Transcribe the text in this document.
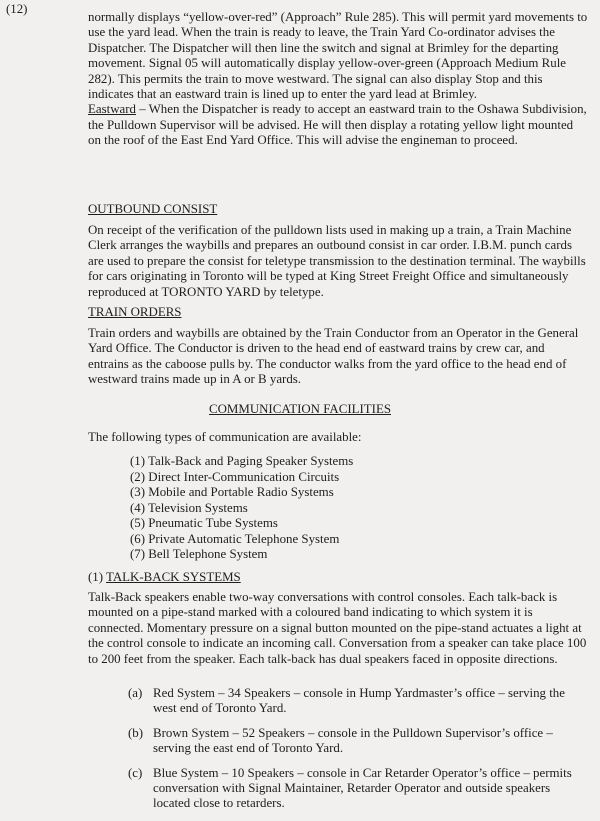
(12)

normally displays “yellow-over-red” (Approach” Rule 285). This will permit yard movements to use the yard lead. When the train is ready to leave, the Train Yard Co-ordinator advises the Dispatcher. The Dispatcher will then line the switch and signal at Brimley for the departing movement. Signal 05 will automatically display yellow-over-green (Approach Medium Rule 282). This permits the train to move westward. The signal can also display Stop and this indicates that an eastward train is lined up to enter the yard lead at Brimley.

Eastward – When the Dispatcher is ready to accept an eastward train to the Oshawa Subdivision, the Pulldown Supervisor will be advised. He will then display a rotating yellow light mounted on the roof of the East End Yard Office. This will advise the engineman to proceed.

OUTBOUND CONSIST

On receipt of the verification of the pulldown lists used in making up a train, a Train Machine Clerk arranges the waybills and prepares an outbound consist in car order. I.B.M. punch cards are used to prepare the consist for teletype transmission to the destination terminal. The waybills for cars originating in Toronto will be typed at King Street Freight Office and simultaneously reproduced at TORONTO YARD by teletype.

TRAIN ORDERS

Train orders and waybills are obtained by the Train Conductor from an Operator in the General Yard Office. The Conductor is driven to the head end of eastward trains by crew car, and entrains as the caboose pulls by. The conductor walks from the yard office to the head end of westward trains made up in A or B yards.

COMMUNICATION FACILITIES
The following types of communication are available:
(1) Talk-Back and Paging Speaker Systems
(2) Direct Inter-Communication Circuits
(3) Mobile and Portable Radio Systems
(4) Television Systems
(5) Pneumatic Tube Systems
(6) Private Automatic Telephone System
(7) Bell Telephone System
(1) TALK-BACK SYSTEMS

Talk-Back speakers enable two-way conversations with control consoles. Each talk-back is mounted on a pipe-stand marked with a coloured band indicating to which system it is connected. Momentary pressure on a signal button mounted on the pipe-stand actuates a light at the control console to indicate an incoming call. Conversation from a speaker can take place 100 to 200 feet from the speaker. Each talk-back has dual speakers faced in opposite directions.

(a) Red System – 34 Speakers – console in Hump Yardmaster’s office – serving the west end of Toronto Yard.
(b) Brown System – 52 Speakers – console in the Pulldown Supervisor’s office – serving the east end of Toronto Yard.
(c) Blue System – 10 Speakers – console in Car Retarder Operator’s office – permits conversation with Signal Maintainer, Retarder Operator and outside speakers located close to retarders.
